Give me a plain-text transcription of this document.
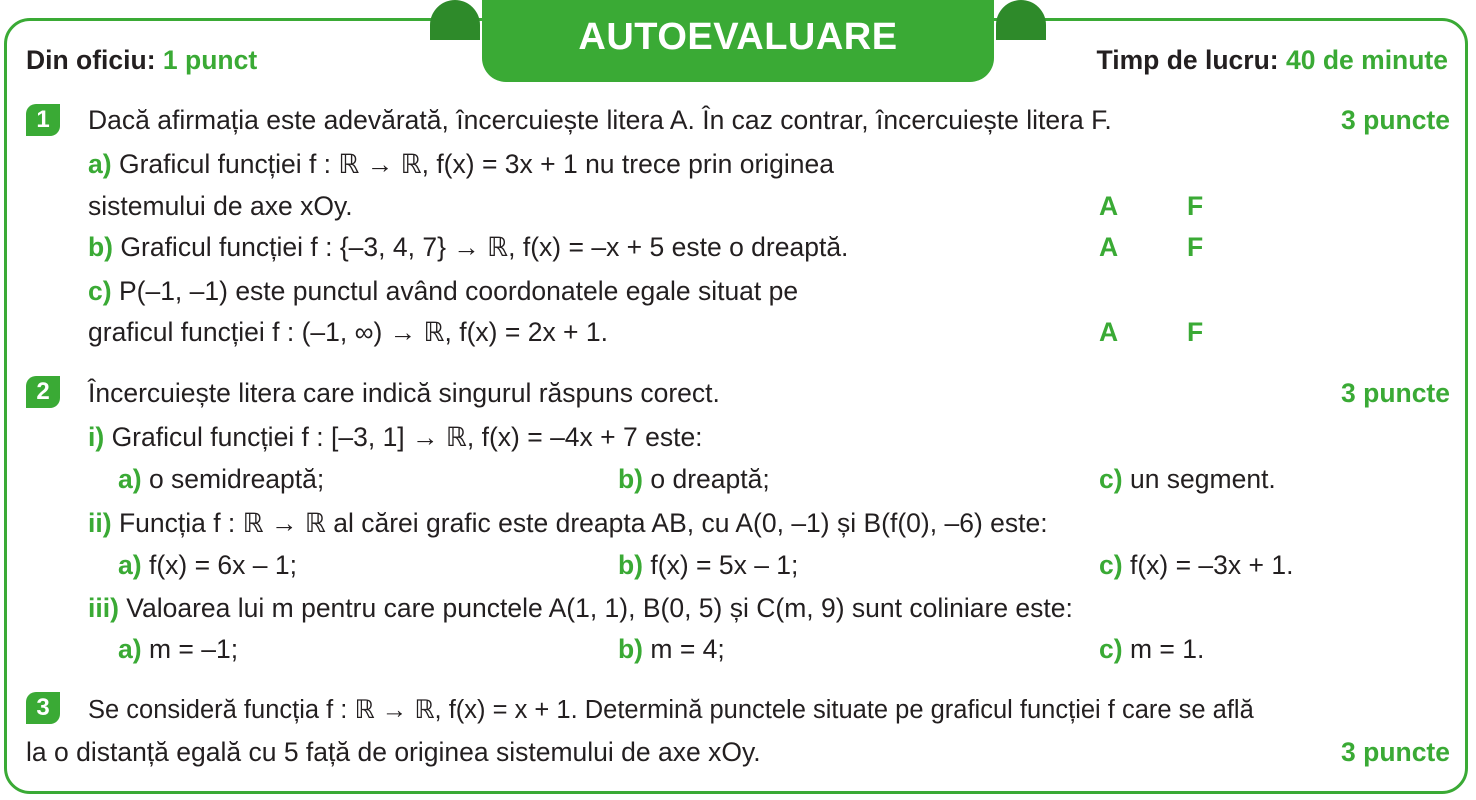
AUTOEVALUARE
Din oficiu: 1 punct	Timp de lucru: 40 de minute
1	Dacă afirmația este adevărată, încercuiește litera A. În caz contrar, încercuiește litera F.	3 puncte
a) Graficul funcției f : ℝ → ℝ, f(x) = 3x + 1 nu trece prin originea
sistemului de axe xOy.	A	F
b) Graficul funcției f : {–3, 4, 7} → ℝ, f(x) = –x + 5 este o dreaptă.	A	F
c) P(–1, –1) este punctul având coordonatele egale situat pe
graficul funcției f : (–1, ∞) → ℝ, f(x) = 2x + 1.	A	F
2	Încercuiește litera care indică singurul răspuns corect.	3 puncte
i) Graficul funcției f : [–3, 1] → ℝ, f(x) = –4x + 7 este:
a) o semidreaptă;	b) o dreaptă;	c) un segment.
ii) Funcția f : ℝ → ℝ al cărei grafic este dreapta AB, cu A(0, –1) și B(f(0), –6) este:
a) f(x) = 6x – 1;	b) f(x) = 5x – 1;	c) f(x) = –3x + 1.
iii) Valoarea lui m pentru care punctele A(1, 1), B(0, 5) și C(m, 9) sunt coliniare este:
a) m = –1;	b) m = 4;	c) m = 1.
3	Se consideră funcția f : ℝ → ℝ, f(x) = x + 1. Determină punctele situate pe graficul funcției f care se află
la o distanță egală cu 5 față de originea sistemului de axe xOy.	3 puncte
